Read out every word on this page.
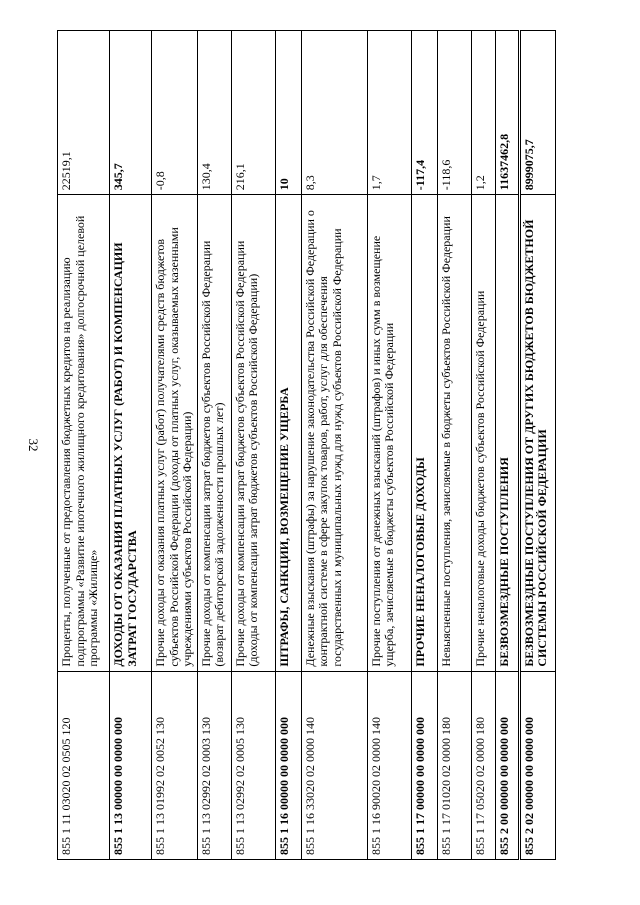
32
855 1 11 03020 02 0505 120	Проценты, полученные от предоставления бюджетных кредитов на реализацию подпрограммы «Развитие ипотечного жилищного кредитования» долгосрочной целевой программы «Жилище»	22519,1
855 1 13 00000 00 0000 000	ДОХОДЫ ОТ ОКАЗАНИЯ ПЛАТНЫХ УСЛУГ (РАБОТ) И КОМПЕНСАЦИИ ЗАТРАТ ГОСУДАРСТВА	345,7
855 1 13 01992 02 0052 130	Прочие доходы от оказания платных услуг (работ) получателями средств бюджетов субъектов Российской Федерации (доходы от платных услуг, оказываемых казенными учреждениями субъектов Российской Федерации)	-0,8
855 1 13 02992 02 0003 130	Прочие доходы от компенсации затрат бюджетов субъектов Российской Федерации (возврат дебиторской задолженности прошлых лет)	130,4
855 1 13 02992 02 0005 130	Прочие доходы от компенсации затрат бюджетов субъектов Российской Федерации (доходы от компенсации затрат бюджетов субъектов Российской Федерации)	216,1
855 1 16 00000 00 0000 000	ШТРАФЫ, САНКЦИИ, ВОЗМЕЩЕНИЕ УЩЕРБА	10
855 1 16 33020 02 0000 140	Денежные взыскания (штрафы) за нарушение законодательства Российской Федерации о контрактной системе в сфере закупок товаров, работ, услуг для обеспечения государственных и муниципальных нужд для нужд субъектов Российской Федерации	8,3
855 1 16 90020 02 0000 140	Прочие поступления от денежных взысканий (штрафов) и иных сумм в возмещение ущерба, зачисляемые в бюджеты субъектов Российской Федерации	1,7
855 1 17 00000 00 0000 000	ПРОЧИЕ НЕНАЛОГОВЫЕ ДОХОДЫ	-117,4
855 1 17 01020 02 0000 180	Невыясненные поступления, зачисляемые в бюджеты субъектов Российской Федерации	-118,6
855 1 17 05020 02 0000 180	Прочие неналоговые доходы бюджетов субъектов Российской Федерации	1,2
855 2 00 00000 00 0000 000	БЕЗВОЗМЕЗДНЫЕ ПОСТУПЛЕНИЯ	11637462,8
855 2 02 00000 00 0000 000	БЕЗВОЗМЕЗДНЫЕ ПОСТУПЛЕНИЯ ОТ ДРУГИХ БЮДЖЕТОВ БЮДЖЕТНОЙ СИСТЕМЫ РОССИЙСКОЙ ФЕДЕРАЦИИ	8999075,7
